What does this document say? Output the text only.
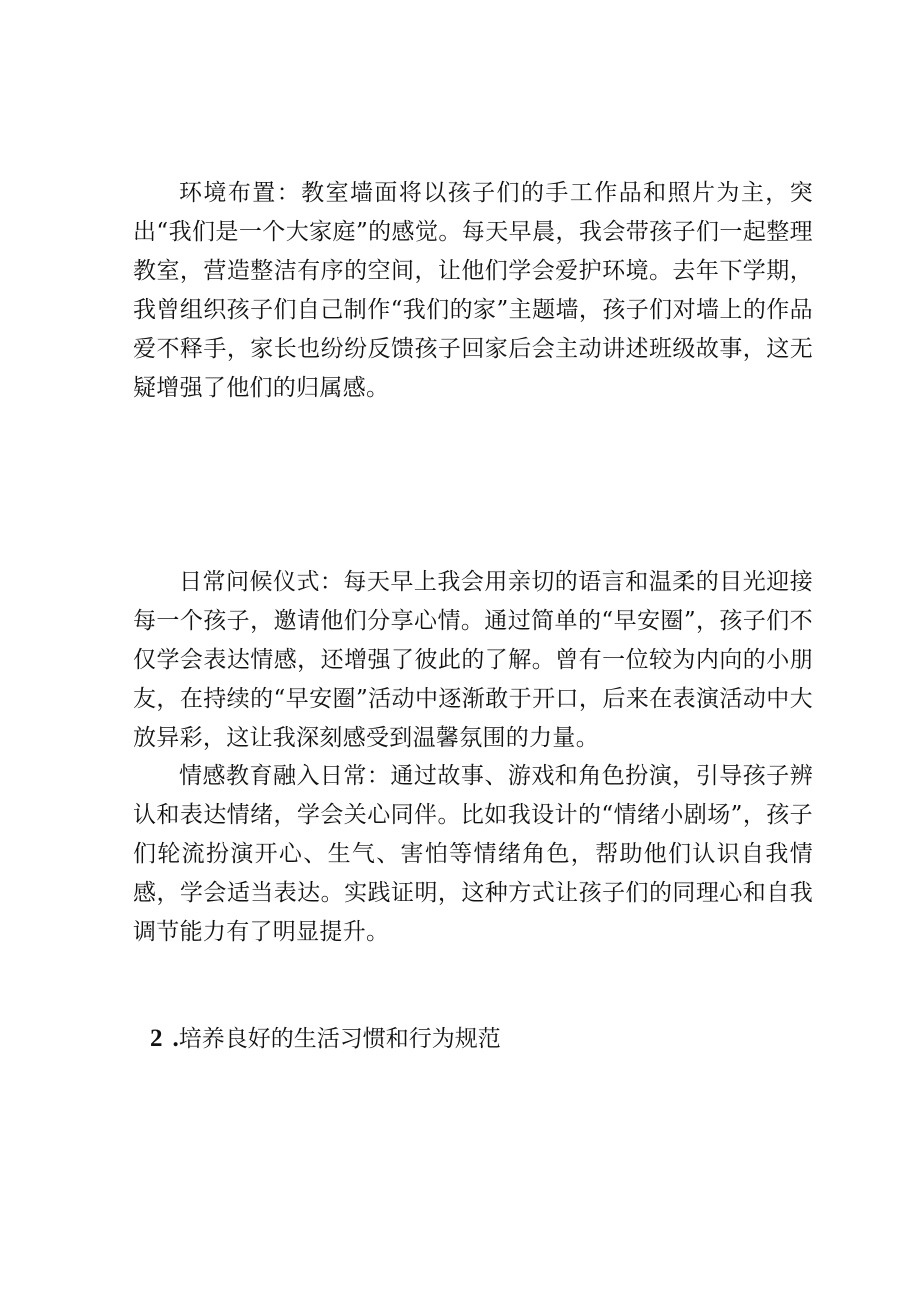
环境布置：教室墙面将以孩子们的手工作品和照片为主，突出“我们是一个大家庭”的感觉。每天早晨，我会带孩子们一起整理教室，营造整洁有序的空间，让他们学会爱护环境。去年下学期，我曾组织孩子们自己制作“我们的家”主题墙，孩子们对墙上的作品爱不释手，家长也纷纷反馈孩子回家后会主动讲述班级故事，这无疑增强了他们的归属感。

日常问候仪式：每天早上我会用亲切的语言和温柔的目光迎接每一个孩子，邀请他们分享心情。通过简单的“早安圈”，孩子们不仅学会表达情感，还增强了彼此的了解。曾有一位较为内向的小朋友，在持续的“早安圈”活动中逐渐敢于开口，后来在表演活动中大放异彩，这让我深刻感受到温馨氛围的力量。

情感教育融入日常：通过故事、游戏和角色扮演，引导孩子辨认和表达情绪，学会关心同伴。比如我设计的“情绪小剧场”，孩子们轮流扮演开心、生气、害怕等情绪角色，帮助他们认识自我情感，学会适当表达。实践证明，这种方式让孩子们的同理心和自我调节能力有了明显提升。

2 .培养良好的生活习惯和行为规范
